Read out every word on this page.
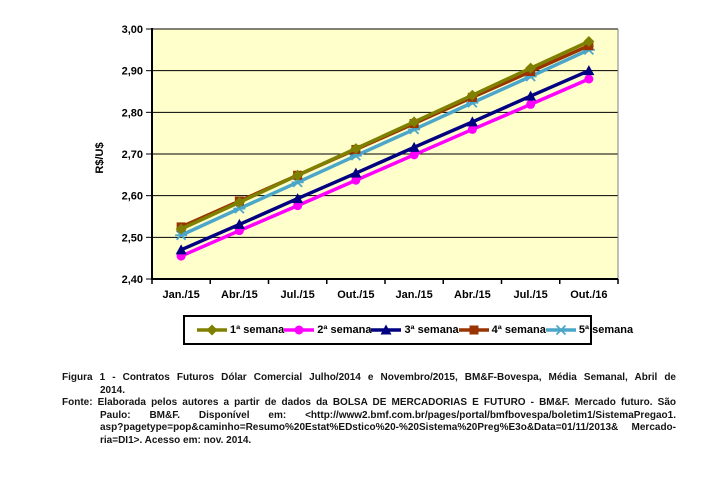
R$/U$
3,00
2,90
2,80
2,70
2,60
2,50
2,40
Jan./15 Abr./15 Jul./15 Out./15 Jan./15 Abr./15 Jul./15 Out./16
1ª semana	2ª semana	3ª semana	4ª semana	5ª semana
Figura 1 - Contratos Futuros Dólar Comercial Julho/2014 e Novembro/2015, BM&F-Bovespa, Média Semanal, Abril de
2014.
Fonte: Elaborada pelos autores a partir de dados da BOLSA DE MERCADORIAS E FUTURO - BM&F. Mercado futuro. São
Paulo: BM&F. Disponível em: <http://www2.bmf.com.br/pages/portal/bmfbovespa/boletim1/SistemaPregao1.
asp?pagetype=pop&caminho=Resumo%20Estat%EDstico%20-%20Sistema%20Preg%E3o&Data=01/11/2013& Mercado-
ria=DI1>. Acesso em: nov. 2014.
